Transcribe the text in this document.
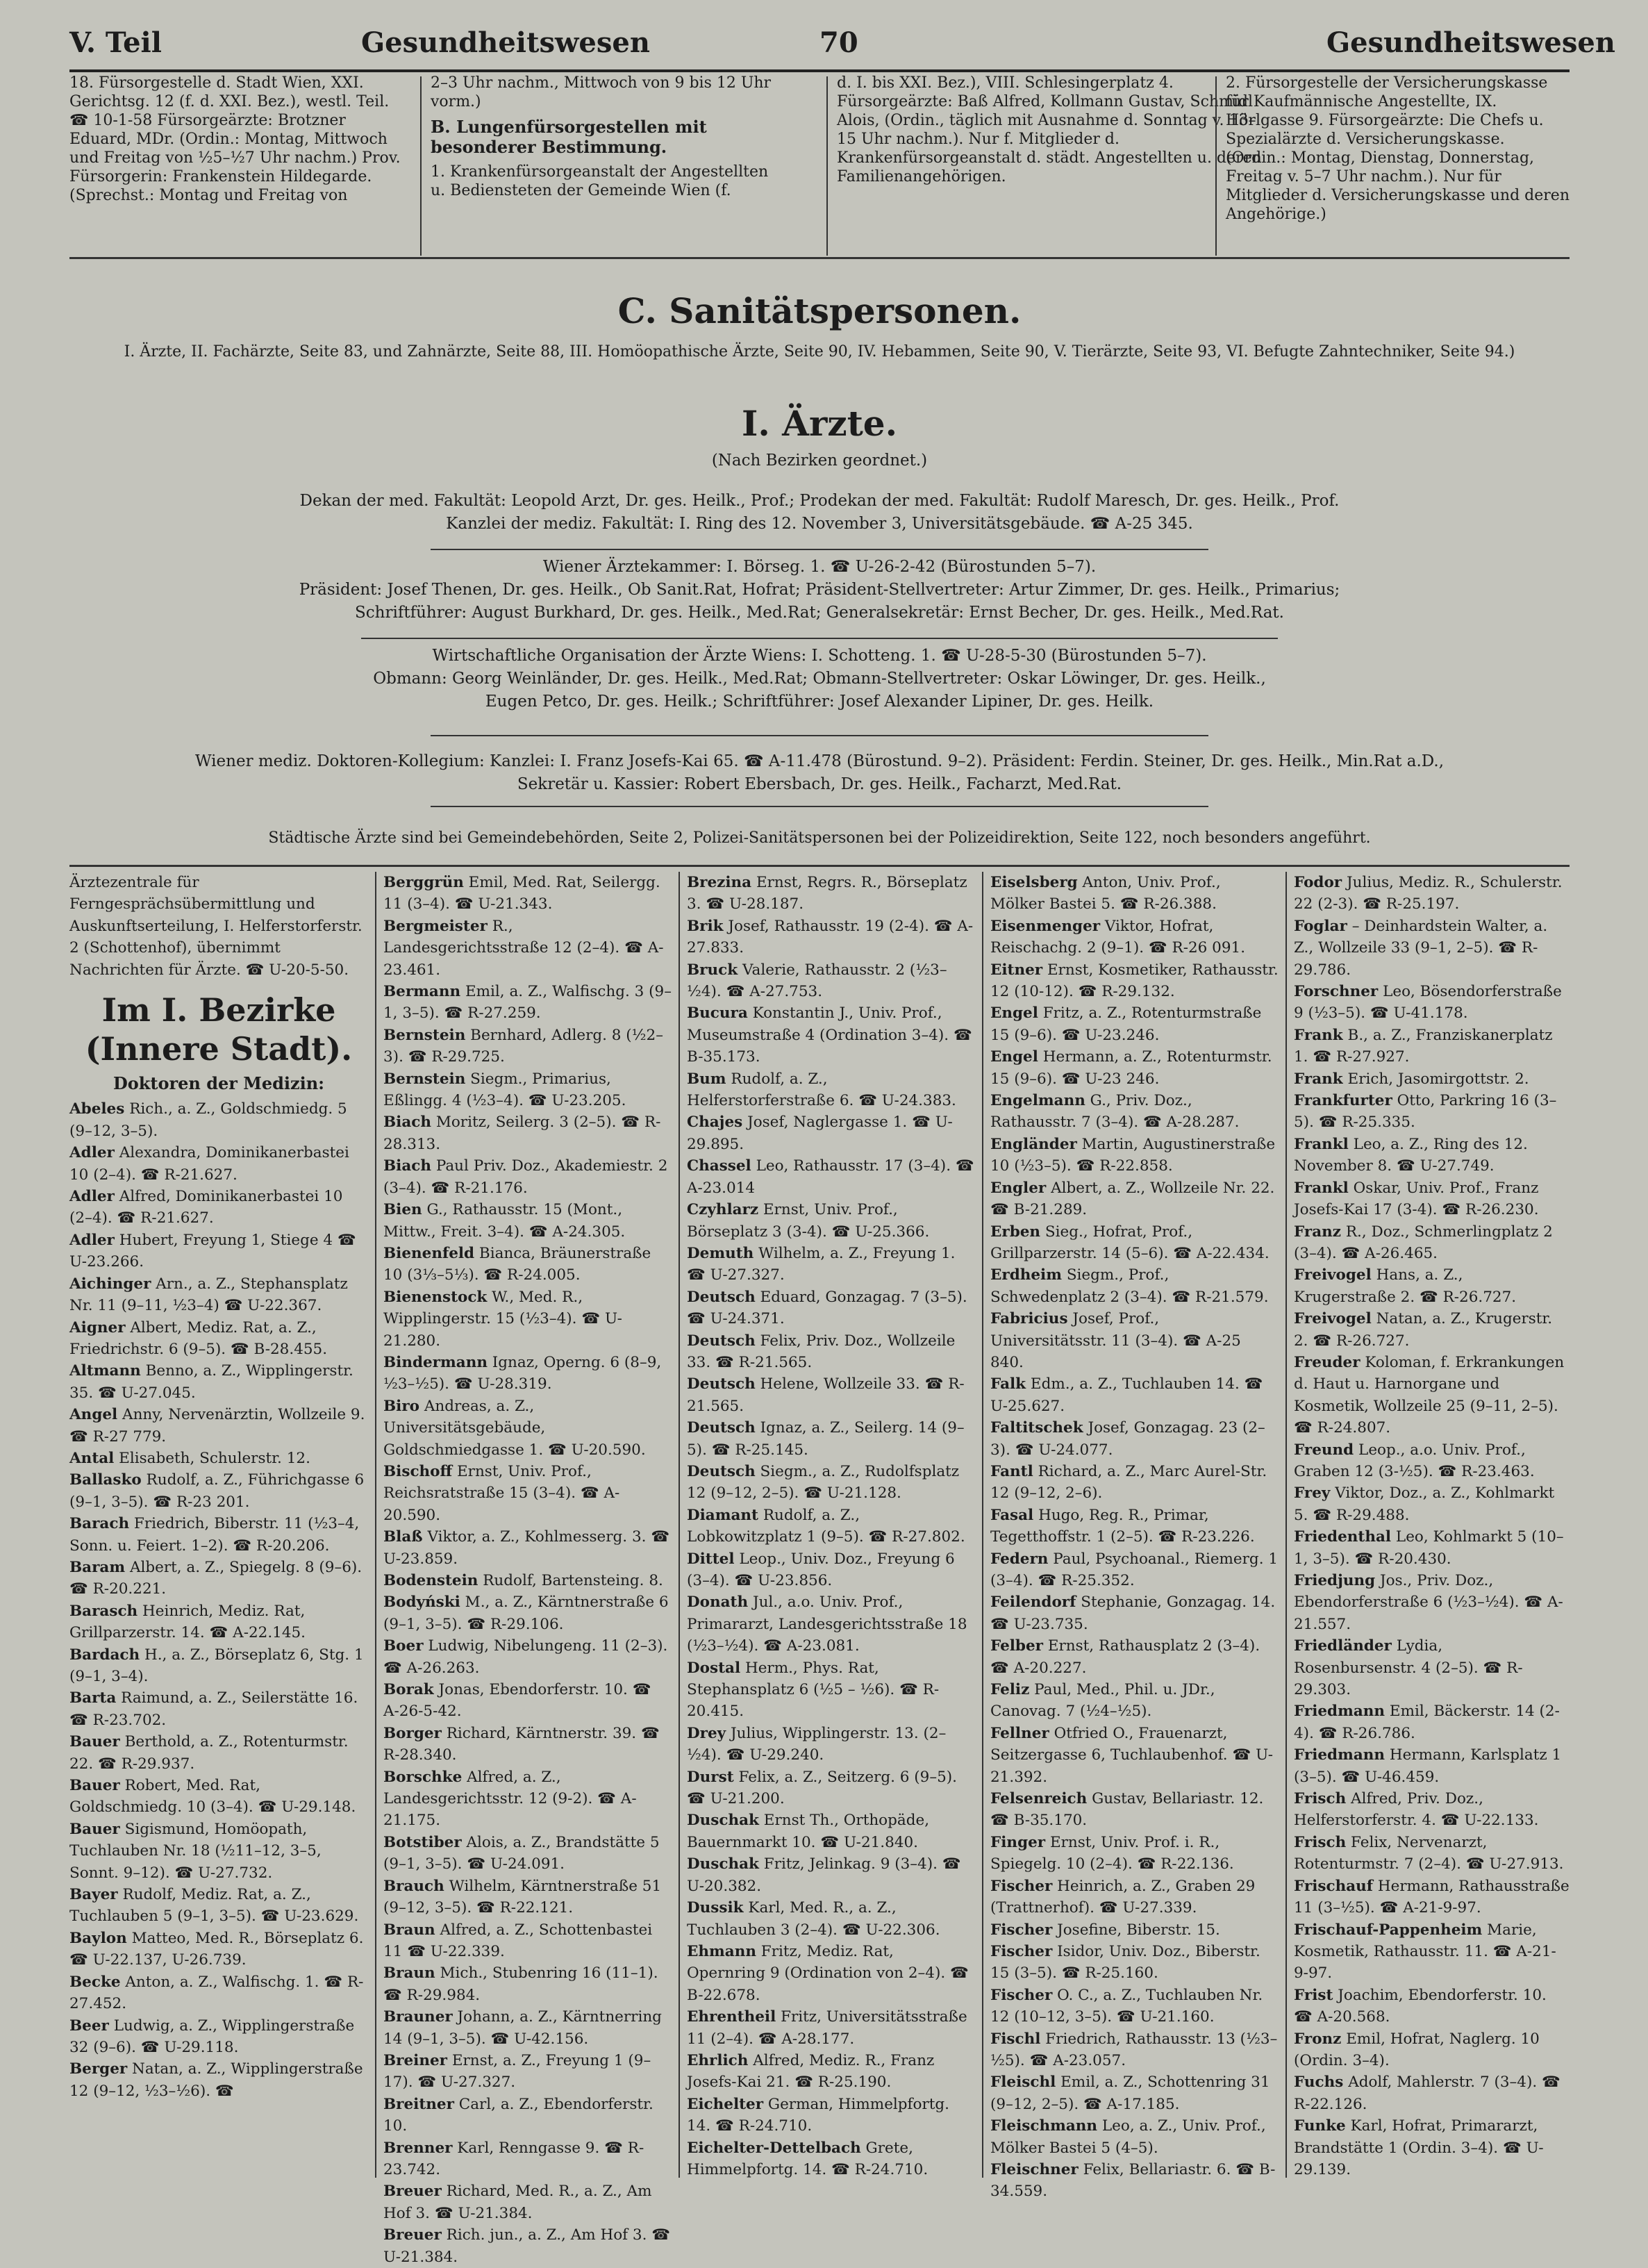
V. Teil	Gesundheitswesen	70	Gesundheitswesen

18. Fürsorgestelle d. Stadt Wien, XXI. Gerichtsg. 12 (f. d. XXI. Bez.), westl. Teil. ☎ 10-1-58 Fürsorgeärzte: Brotzner Eduard, MDr. (Ordin.: Montag, Mittwoch und Freitag von ½5–½7 Uhr nachm.) Prov. Fürsorgerin: Frankenstein Hildegarde. (Sprechst.: Montag und Freitag von

2–3 Uhr nachm., Mittwoch von 9 bis 12 Uhr vorm.)

B. Lungenfürsorgestellen mit besonderer Bestimmung.

1. Krankenfürsorgeanstalt der Angestellten u. Bediensteten der Gemeinde Wien (f.

d. I. bis XXI. Bez.), VIII. Schlesingerplatz 4. Fürsorgeärzte: Baß Alfred, Kollmann Gustav, Schmidl Alois, (Ordin., täglich mit Ausnahme d. Sonntag v. 13–15 Uhr nachm.). Nur f. Mitglieder d. Krankenfürsorgeanstalt d. städt. Angestellten u. deren Familienangehörigen.

2. Fürsorgestelle der Versicherungskasse für Kaufmännische Angestellte, IX. Hörlgasse 9. Fürsorgeärzte: Die Chefs u. Spezialärzte d. Versicherungskasse. (Ordin.: Montag, Dienstag, Donnerstag, Freitag v. 5–7 Uhr nachm.). Nur für Mitglieder d. Versicherungskasse und deren Angehörige.)

C. Sanitätspersonen.
I. Ärzte, II. Fachärzte, Seite 83, und Zahnärzte, Seite 88, III. Homöopathische Ärzte, Seite 90, IV. Hebammen, Seite 90, V. Tierärzte, Seite 93, VI. Befugte Zahntechniker, Seite 94.)
I. Ärzte.
(Nach Bezirken geordnet.)
Dekan der med. Fakultät: Leopold Arzt, Dr. ges. Heilk., Prof.; Prodekan der med. Fakultät: Rudolf Maresch, Dr. ges. Heilk., Prof.
Kanzlei der mediz. Fakultät: I. Ring des 12. November 3, Universitätsgebäude. ☎ A-25 345.
Wiener Ärztekammer: I. Börseg. 1. ☎ U-26-2-42 (Bürostunden 5–7).
Präsident: Josef Thenen, Dr. ges. Heilk., Ob Sanit.Rat, Hofrat; Präsident-Stellvertreter: Artur Zimmer, Dr. ges. Heilk., Primarius;
Schriftführer: August Burkhard, Dr. ges. Heilk., Med.Rat; Generalsekretär: Ernst Becher, Dr. ges. Heilk., Med.Rat.
Wirtschaftliche Organisation der Ärzte Wiens: I. Schotteng. 1. ☎ U-28-5-30 (Bürostunden 5–7).
Obmann: Georg Weinländer, Dr. ges. Heilk., Med.Rat; Obmann-Stellvertreter: Oskar Löwinger, Dr. ges. Heilk.,
Eugen Petco, Dr. ges. Heilk.; Schriftführer: Josef Alexander Lipiner, Dr. ges. Heilk.
Wiener mediz. Doktoren-Kollegium: Kanzlei: I. Franz Josefs-Kai 65. ☎ A-11.478 (Bürostund. 9–2). Präsident: Ferdin. Steiner, Dr. ges. Heilk., Min.Rat a.D.,
Sekretär u. Kassier: Robert Ebersbach, Dr. ges. Heilk., Facharzt, Med.Rat.
Städtische Ärzte sind bei Gemeindebehörden, Seite 2, Polizei-Sanitätspersonen bei der Polizeidirektion, Seite 122, noch besonders angeführt.

Ärztezentrale für Ferngesprächsübermittlung und Auskunftserteilung, I. Helferstorferstr. 2 (Schottenhof), übernimmt Nachrichten für Ärzte. ☎ U-20-5-50.

Im I. Bezirke (Innere Stadt).
Doktoren der Medizin:

Abeles Rich., a. Z., Goldschmiedg. 5 (9–12, 3–5).

Adler Alexandra, Dominikanerbastei 10 (2–4). ☎ R-21.627.

Adler Alfred, Dominikanerbastei 10 (2–4). ☎ R-21.627.

Adler Hubert, Freyung 1, Stiege 4 ☎ U-23.266.

Aichinger Arn., a. Z., Stephansplatz Nr. 11 (9–11, ½3–4) ☎ U-22.367.

Aigner Albert, Mediz. Rat, a. Z., Friedrichstr. 6 (9–5). ☎ B-28.455.

Altmann Benno, a. Z., Wipplingerstr. 35. ☎ U-27.045.

Angel Anny, Nervenärztin, Wollzeile 9. ☎ R-27 779.

Antal Elisabeth, Schulerstr. 12.

Ballasko Rudolf, a. Z., Führichgasse 6 (9–1, 3–5). ☎ R-23 201.

Barach Friedrich, Biberstr. 11 (½3–4, Sonn. u. Feiert. 1–2). ☎ R-20.206.

Baram Albert, a. Z., Spiegelg. 8 (9–6). ☎ R-20.221.

Barasch Heinrich, Mediz. Rat, Grillparzerstr. 14. ☎ A-22.145.

Bardach H., a. Z., Börseplatz 6, Stg. 1 (9–1, 3–4).

Barta Raimund, a. Z., Seilerstätte 16. ☎ R-23.702.

Bauer Berthold, a. Z., Rotenturmstr. 22. ☎ R-29.937.

Bauer Robert, Med. Rat, Goldschmiedg. 10 (3–4). ☎ U-29.148.

Bauer Sigismund, Homöopath, Tuchlauben Nr. 18 (½11–12, 3–5, Sonnt. 9–12). ☎ U-27.732.

Bayer Rudolf, Mediz. Rat, a. Z., Tuchlauben 5 (9–1, 3–5). ☎ U-23.629.

Baylon Matteo, Med. R., Börseplatz 6. ☎ U-22.137, U-26.739.

Becke Anton, a. Z., Walfischg. 1. ☎ R-27.452.

Beer Ludwig, a. Z., Wipplingerstraße 32 (9–6). ☎ U-29.118.

Berger Natan, a. Z., Wipplingerstraße 12 (9–12, ½3–½6). ☎

Berggrün Emil, Med. Rat, Seilergg. 11 (3–4). ☎ U-21.343.

Bergmeister R., Landesgerichtsstraße 12 (2–4). ☎ A-23.461.

Bermann Emil, a. Z., Walfischg. 3 (9–1, 3–5). ☎ R-27.259.

Bernstein Bernhard, Adlerg. 8 (½2–3). ☎ R-29.725.

Bernstein Siegm., Primarius, Eßlingg. 4 (½3–4). ☎ U-23.205.

Biach Moritz, Seilerg. 3 (2–5). ☎ R-28.313.

Biach Paul Priv. Doz., Akademiestr. 2 (3–4). ☎ R-21.176.

Bien G., Rathausstr. 15 (Mont., Mittw., Freit. 3–4). ☎ A-24.305.

Bienenfeld Bianca, Bräunerstraße 10 (3⅓–5⅓). ☎ R-24.005.

Bienenstock W., Med. R., Wipplingerstr. 15 (½3–4). ☎ U-21.280.

Bindermann Ignaz, Operng. 6 (8–9, ½3–½5). ☎ U-28.319.

Biro Andreas, a. Z., Universitätsgebäude, Goldschmiedgasse 1. ☎ U-20.590.

Bischoff Ernst, Univ. Prof., Reichsratstraße 15 (3–4). ☎ A-20.590.

Blaß Viktor, a. Z., Kohlmesserg. 3. ☎ U-23.859.

Bodenstein Rudolf, Bartensteing. 8.

Bodyński M., a. Z., Kärntnerstraße 6 (9–1, 3–5). ☎ R-29.106.

Boer Ludwig, Nibelungeng. 11 (2–3). ☎ A-26.263.

Borak Jonas, Ebendorferstr. 10. ☎ A-26-5-42.

Borger Richard, Kärntnerstr. 39. ☎ R-28.340.

Borschke Alfred, a. Z., Landesgerichtsstr. 12 (9-2). ☎ A-21.175.

Botstiber Alois, a. Z., Brandstätte 5 (9–1, 3–5). ☎ U-24.091.

Brauch Wilhelm, Kärntnerstraße 51 (9–12, 3–5). ☎ R-22.121.

Braun Alfred, a. Z., Schottenbastei 11 ☎ U-22.339.

Braun Mich., Stubenring 16 (11–1). ☎ R-29.984.

Brauner Johann, a. Z., Kärntnerring 14 (9–1, 3–5). ☎ U-42.156.

Breiner Ernst, a. Z., Freyung 1 (9–17). ☎ U-27.327.

Breitner Carl, a. Z., Ebendorferstr. 10.

Brenner Karl, Renngasse 9. ☎ R-23.742.

Breuer Richard, Med. R., a. Z., Am Hof 3. ☎ U-21.384.

Breuer Rich. jun., a. Z., Am Hof 3. ☎ U-21.384.

Brezina Ernst, Regrs. R., Börseplatz 3. ☎ U-28.187.

Brik Josef, Rathausstr. 19 (2-4). ☎ A-27.833.

Bruck Valerie, Rathausstr. 2 (½3–½4). ☎ A-27.753.

Bucura Konstantin J., Univ. Prof., Museumstraße 4 (Ordination 3–4). ☎ B-35.173.

Bum Rudolf, a. Z., Helferstorferstraße 6. ☎ U-24.383.

Chajes Josef, Naglergasse 1. ☎ U-29.895.

Chassel Leo, Rathausstr. 17 (3–4). ☎ A-23.014

Czyhlarz Ernst, Univ. Prof., Börseplatz 3 (3-4). ☎ U-25.366.

Demuth Wilhelm, a. Z., Freyung 1. ☎ U-27.327.

Deutsch Eduard, Gonzagag. 7 (3–5). ☎ U-24.371.

Deutsch Felix, Priv. Doz., Wollzeile 33. ☎ R-21.565.

Deutsch Helene, Wollzeile 33. ☎ R-21.565.

Deutsch Ignaz, a. Z., Seilerg. 14 (9–5). ☎ R-25.145.

Deutsch Siegm., a. Z., Rudolfsplatz 12 (9–12, 2–5). ☎ U-21.128.

Diamant Rudolf, a. Z., Lobkowitzplatz 1 (9–5). ☎ R-27.802.

Dittel Leop., Univ. Doz., Freyung 6 (3–4). ☎ U-23.856.

Donath Jul., a.o. Univ. Prof., Primararzt, Landesgerichtsstraße 18 (½3–½4). ☎ A-23.081.

Dostal Herm., Phys. Rat, Stephansplatz 6 (½5 – ½6). ☎ R-20.415.

Drey Julius, Wipplingerstr. 13. (2–½4). ☎ U-29.240.

Durst Felix, a. Z., Seitzerg. 6 (9–5). ☎ U-21.200.

Duschak Ernst Th., Orthopäde, Bauernmarkt 10. ☎ U-21.840.

Duschak Fritz, Jelinkag. 9 (3–4). ☎ U-20.382.

Dussik Karl, Med. R., a. Z., Tuchlauben 3 (2–4). ☎ U-22.306.

Ehmann Fritz, Mediz. Rat, Opernring 9 (Ordination von 2–4). ☎ B-22.678.

Ehrentheil Fritz, Universitätsstraße 11 (2–4). ☎ A-28.177.

Ehrlich Alfred, Mediz. R., Franz Josefs-Kai 21. ☎ R-25.190.

Eichelter German, Himmelpfortg. 14. ☎ R-24.710.

Eichelter-Dettelbach Grete, Himmelpfortg. 14. ☎ R-24.710.

Eiselsberg Anton, Univ. Prof., Mölker Bastei 5. ☎ R-26.388.

Eisenmenger Viktor, Hofrat, Reischachg. 2 (9–1). ☎ R-26 091.

Eitner Ernst, Kosmetiker, Rathausstr. 12 (10-12). ☎ R-29.132.

Engel Fritz, a. Z., Rotenturmstraße 15 (9–6). ☎ U-23.246.

Engel Hermann, a. Z., Rotenturmstr. 15 (9–6). ☎ U-23 246.

Engelmann G., Priv. Doz., Rathausstr. 7 (3–4). ☎ A-28.287.

Engländer Martin, Augustinerstraße 10 (½3–5). ☎ R-22.858.

Engler Albert, a. Z., Wollzeile Nr. 22. ☎ B-21.289.

Erben Sieg., Hofrat, Prof., Grillparzerstr. 14 (5–6). ☎ A-22.434.

Erdheim Siegm., Prof., Schwedenplatz 2 (3–4). ☎ R-21.579.

Fabricius Josef, Prof., Universitätsstr. 11 (3–4). ☎ A-25 840.

Falk Edm., a. Z., Tuchlauben 14. ☎ U-25.627.

Faltitschek Josef, Gonzagag. 23 (2–3). ☎ U-24.077.

Fantl Richard, a. Z., Marc Aurel-Str. 12 (9–12, 2–6).

Fasal Hugo, Reg. R., Primar, Tegetthoffstr. 1 (2–5). ☎ R-23.226.

Federn Paul, Psychoanal., Riemerg. 1 (3–4). ☎ R-25.352.

Feilendorf Stephanie, Gonzagag. 14. ☎ U-23.735.

Felber Ernst, Rathausplatz 2 (3–4). ☎ A-20.227.

Feliz Paul, Med., Phil. u. JDr., Canovag. 7 (½4–½5).

Fellner Otfried O., Frauenarzt, Seitzergasse 6, Tuchlaubenhof. ☎ U-21.392.

Felsenreich Gustav, Bellariastr. 12. ☎ B-35.170.

Finger Ernst, Univ. Prof. i. R., Spiegelg. 10 (2–4). ☎ R-22.136.

Fischer Heinrich, a. Z., Graben 29 (Trattnerhof). ☎ U-27.339.

Fischer Josefine, Biberstr. 15.

Fischer Isidor, Univ. Doz., Biberstr. 15 (3–5). ☎ R-25.160.

Fischer O. C., a. Z., Tuchlauben Nr. 12 (10–12, 3–5). ☎ U-21.160.

Fischl Friedrich, Rathausstr. 13 (½3–½5). ☎ A-23.057.

Fleischl Emil, a. Z., Schottenring 31 (9–12, 2–5). ☎ A-17.185.

Fleischmann Leo, a. Z., Univ. Prof., Mölker Bastei 5 (4–5).

Fleischner Felix, Bellariastr. 6. ☎ B-34.559.

Fodor Julius, Mediz. R., Schulerstr. 22 (2-3). ☎ R-25.197.

Foglar – Deinhardstein Walter, a. Z., Wollzeile 33 (9–1, 2–5). ☎ R-29.786.

Forschner Leo, Bösendorferstraße 9 (½3–5). ☎ U-41.178.

Frank B., a. Z., Franziskanerplatz 1. ☎ R-27.927.

Frank Erich, Jasomirgottstr. 2.

Frankfurter Otto, Parkring 16 (3–5). ☎ R-25.335.

Frankl Leo, a. Z., Ring des 12. November 8. ☎ U-27.749.

Frankl Oskar, Univ. Prof., Franz Josefs-Kai 17 (3-4). ☎ R-26.230.

Franz R., Doz., Schmerlingplatz 2 (3–4). ☎ A-26.465.

Freivogel Hans, a. Z., Krugerstraße 2. ☎ R-26.727.

Freivogel Natan, a. Z., Krugerstr. 2. ☎ R-26.727.

Freuder Koloman, f. Erkrankungen d. Haut u. Harnorgane und Kosmetik, Wollzeile 25 (9–11, 2–5). ☎ R-24.807.

Freund Leop., a.o. Univ. Prof., Graben 12 (3-½5). ☎ R-23.463.

Frey Viktor, Doz., a. Z., Kohlmarkt 5. ☎ R-29.488.

Friedenthal Leo, Kohlmarkt 5 (10–1, 3–5). ☎ R-20.430.

Friedjung Jos., Priv. Doz., Ebendorferstraße 6 (½3–½4). ☎ A-21.557.

Friedländer Lydia, Rosenbursenstr. 4 (2–5). ☎ R-29.303.

Friedmann Emil, Bäckerstr. 14 (2-4). ☎ R-26.786.

Friedmann Hermann, Karlsplatz 1 (3–5). ☎ U-46.459.

Frisch Alfred, Priv. Doz., Helferstorferstr. 4. ☎ U-22.133.

Frisch Felix, Nervenarzt, Rotenturmstr. 7 (2–4). ☎ U-27.913.

Frischauf Hermann, Rathausstraße 11 (3–½5). ☎ A-21-9-97.

Frischauf-Pappenheim Marie, Kosmetik, Rathausstr. 11. ☎ A-21-9-97.

Frist Joachim, Ebendorferstr. 10. ☎ A-20.568.

Fronz Emil, Hofrat, Naglerg. 10 (Ordin. 3–4).

Fuchs Adolf, Mahlerstr. 7 (3–4). ☎ R-22.126.

Funke Karl, Hofrat, Primararzt, Brandstätte 1 (Ordin. 3–4). ☎ U-29.139.
